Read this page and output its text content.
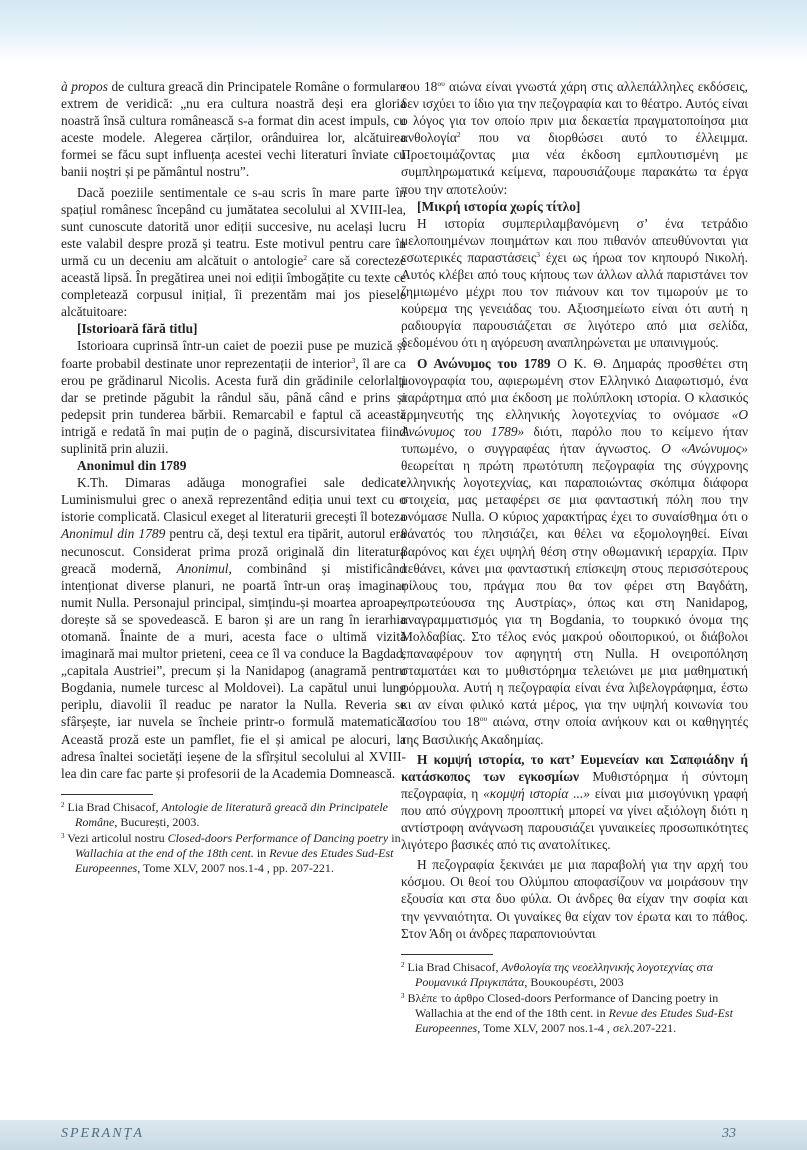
à propos de cultura greacă din Principatele Române o formulare extrem de veridică: „nu era cultura noastră deși era gloria noastră însă cultura românească s-a format din acest impuls, cu aceste modele. Alegerea cărților, orânduirea lor, alcătuirea formei se făcu supt influența acestei vechi literaturi înviate cu banii noștri și pe pământul nostru”.

Dacă poeziile sentimentale ce s-au scris în mare parte în spațiul românesc începând cu jumătatea secolului al XVIII-lea, sunt cunoscute datorită unor ediții succesive, nu același lucru este valabil despre proză și teatru. Este motivul pentru care în urmă cu un deceniu am alcătuit o antologie$^2$ care să corecteze această lipsă. În pregătirea unei noi ediții îmbogățite cu texte ce completează corpusul inițial, îi prezentăm mai jos pieselе alcătuitoare:

[Istorioară fără titlu]

Istorioara cuprinsă într-un caiet de poezii puse pe muzică și foarte probabil destinate unor reprezentații de interior$^3$, îl are ca erou pe grădinarul Nicolis. Acesta fură din grădinile celorlalți dar se pretinde păgubit la rândul său, până când e prins și pedepsit prin tunderea bărbii. Remarcabil e faptul că această intrigă e redată în mai puțin de o pagină, discursivitatea fiind suplinită prin aluzii.

Anonimul din 1789

K.Th. Dimaras adăuga monografiei sale dedicate Luminismului grec o anexă reprezentând ediția unui text cu o istorie complicată. Clasicul exeget al literaturii grecești îl boteza Anonimul din 1789 pentru că, deși textul era tipărit, autorul era necunoscut. Considerat prima proză originală din literatura greacă modernă, Anonimul, combinând și mistificând intenționat diverse planuri, ne poartă într-un oraș imaginar numit Nulla. Personajul principal, simțindu-și moartea aproape, dorește să se spovedească. E baron și are un rang în ierarhia otomană. Înainte de a muri, acesta face o ultimă vizită imaginară mai multor prieteni, ceea ce îl va conduce la Bagdad, „capitala Austriei”, precum și la Nanidapog (anagramă pentru Bogdania, numele turcesc al Moldovei). La capătul unui lung periplu, diavolii îl readuc pe narator la Nulla. Reveria se sfârșește, iar nuvela se încheie printr-o formulă matematică. Această proză este un pamflet, fie el și amical pe alocuri, la adresa înaltei societăți ieșene de la sfîrșitul secolului al XVIII-lea din care fac parte și profesorii de la Academia Domnească.

$^2$ Lia Brad Chisacof, Antologie de literatură greacă din Principatele Române, București, 2003.

$^3$ Vezi articolul nostru Closed-doors Performance of Dancing poetry in Wallachia at the end of the 18th cent. in Revue des Etudes Sud-Est Europeennes, Tome XLV, 2007 nos.1-4 , pp. 207-221.

του $18^{o\upsilon}$ αιώνα είναι γνωστά χάρη στις αλλεπάλληλες εκδόσεις, δεν ισχύει το ίδιο για την πεζογραφία και το θέατρο. Αυτός είναι ο λόγος για τον οποίο πριν μια δεκαετία πραγματοποίησα μια ανθολογία$^2$ που να διορθώσει αυτό το έλλειμμα. Προετοιμάζοντας μια νέα έκδοση εμπλουτισμένη με συμπληρωματικά κείμενα, παρουσιάζουμε παρακάτω τα έργα που την αποτελούν:

[Μικρή ιστορία χωρίς τίτλο]

Η ιστορία συμπεριλαμβανόμενη σ’ ένα τετράδιο μελοποιημένων ποιημάτων και που πιθανόν απευθύνονται για εσωτερικές παραστάσεις$^3$ έχει ως ήρωα τον κηπουρό Νικολή. Αυτός κλέβει από τους κήπους των άλλων αλλά παριστάνει τον ζημιωμένο μέχρι που τον πιάνουν και τον τιμωρούν με το κούρεμα της γενειάδας του. Αξιοσημείωτο είναι ότι αυτή η ραδιουργία παρουσιάζεται σε λιγότερο από μια σελίδα, δεδομένου ότι η αγόρευση αναπληρώνεται με υπαινιγμούς.

Ο Ανώνυμος του 1789 Ο Κ. Θ. Δημαράς προσθέτει στη μονογραφία του, αφιερωμένη στον Ελληνικό Διαφωτισμό, ένα παράρτημα από μια έκδοση με πολύπλοκη ιστορία. Ο κλασικός ερμηνευτής της ελληνικής λογοτεχνίας το ονόμασε «Ο Ανώνυμος του 1789» διότι, παρόλο που το κείμενο ήταν τυπωμένο, ο συγγραφέας ήταν άγνωστος. Ο «Ανώνυμος» θεωρείται η πρώτη πρωτότυπη πεζογραφία της σύγχρονης ελληνικής λογοτεχνίας, και παραποιώντας σκόπιμα διάφορα στοιχεία, μας μεταφέρει σε μια φανταστική πόλη που την ονόμασε Nulla. Ο κύριος χαρακτήρας έχει το συναίσθημα ότι ο θάνατός του πλησιάζει, και θέλει να εξομολογηθεί. Είναι βαρόνος και έχει υψηλή θέση στην οθωμανική ιεραρχία. Πριν πεθάνει, κάνει μια φανταστική επίσκεψη στους περισσότερους φίλους του, πράγμα που θα τον φέρει στη Βαγδάτη, «πρωτεύουσα της Αυστρίας», όπως και στη Nanidapog, αναγραμματισμός για τη Bogdania, το τουρκικό όνομα της Μολδαβίας. Στο τέλος ενός μακρού οδοιπορικού, οι διάβολοι επαναφέρουν τον αφηγητή στη Nulla. Η ονειροπόληση σταματάει και το μυθιστόρημα τελειώνει με μια μαθηματική φόρμουλα. Αυτή η πεζογραφία είναι ένα λιβελογράφημα, έστω κι αν είναι φιλικό κατά μέρος, για την υψηλή κοινωνία του Ιασίου του $18^{o\upsilon}$ αιώνα, στην οποία ανήκουν και οι καθηγητές της Βασιλικής Ακαδημίας.

Η κομψή ιστορία, το κατ’ Ευμενείαν και Σαπφιάδην ή κατάσκοπος των εγκοσμίων Μυθιστόρημα ή σύντομη πεζογραφία, η «κομψή ιστορία ...» είναι μια μισογύνικη γραφή που από σύγχρονη προοπτική μπορεί να γίνει αξιόλογη διότι η αντίστροφη ανάγνωση παρουσιάζει γυναικείες προσωπικότητες λιγότερο βασικές από τις ανατολίτικες.

Η πεζογραφία ξεκινάει με μια παραβολή για την αρχή του κόσμου. Οι θεοί του Ολύμπου αποφασίζουν να μοιράσουν την εξουσία και στα δυο φύλα. Οι άνδρες θα είχαν την σοφία και την γενναιότητα. Οι γυναίκες θα είχαν τον έρωτα και το πάθος. Στον Άδη οι άνδρες παραπονιούνται

$^2$ Lia Brad Chisacof, Ανθολογία της νεοελληνικής λογοτεχνίας στα Ρουμανικά Πριγκιπάτα, Βουκουρέστι, 2003

$^3$ Βλέπε το άρθρο Closed-doors Performance of Dancing poetry in Wallachia at the end of the 18th cent. in Revue des Etudes Sud-Est Europeennes, Tome XLV, 2007 nos.1-4 , σελ.207-221.

SPERANȚA	33
